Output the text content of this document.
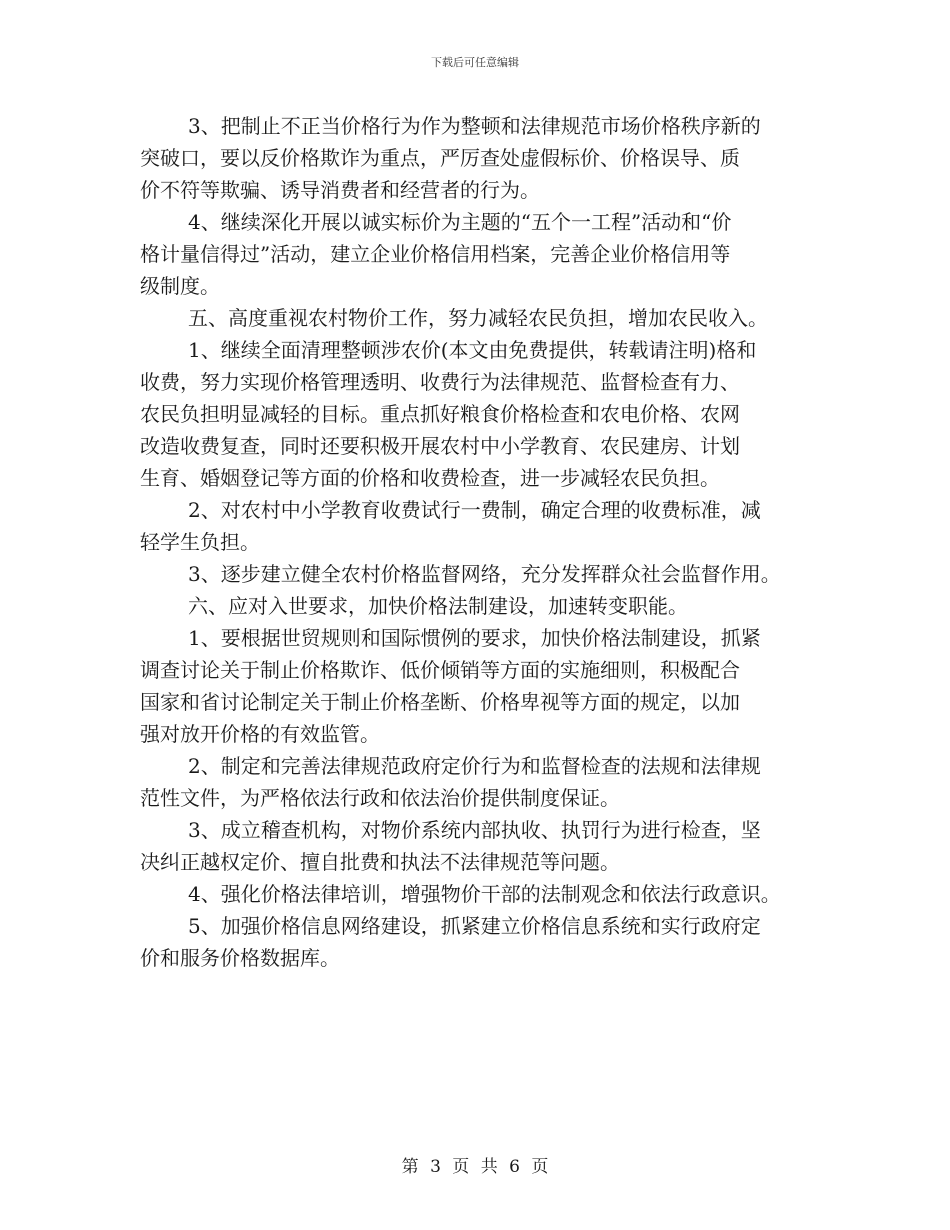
下载后可任意编辑
3、把制止不正当价格行为作为整顿和法律规范市场价格秩序新的
突破口，要以反价格欺诈为重点，严厉查处虚假标价、价格误导、质
价不符等欺骗、诱导消费者和经营者的行为。
4、继续深化开展以诚实标价为主题的“五个一工程”活动和“价
格计量信得过”活动，建立企业价格信用档案，完善企业价格信用等
级制度。
五、高度重视农村物价工作，努力减轻农民负担，增加农民收入。
1、继续全面清理整顿涉农价(本文由免费提供，转载请注明)格和
收费，努力实现价格管理透明、收费行为法律规范、监督检查有力、
农民负担明显减轻的目标。重点抓好粮食价格检查和农电价格、农网
改造收费复查，同时还要积极开展农村中小学教育、农民建房、计划
生育、婚姻登记等方面的价格和收费检查，进一步减轻农民负担。
2、对农村中小学教育收费试行一费制，确定合理的收费标准，减
轻学生负担。
3、逐步建立健全农村价格监督网络，充分发挥群众社会监督作用。
六、应对入世要求，加快价格法制建设，加速转变职能。
1、要根据世贸规则和国际惯例的要求，加快价格法制建设，抓紧
调查讨论关于制止价格欺诈、低价倾销等方面的实施细则，积极配合
国家和省讨论制定关于制止价格垄断、价格卑视等方面的规定，以加
强对放开价格的有效监管。
2、制定和完善法律规范政府定价行为和监督检查的法规和法律规
范性文件，为严格依法行政和依法治价提供制度保证。
3、成立稽查机构，对物价系统内部执收、执罚行为进行检查，坚
决纠正越权定价、擅自批费和执法不法律规范等问题。
4、强化价格法律培训，增强物价干部的法制观念和依法行政意识。
5、加强价格信息网络建设，抓紧建立价格信息系统和实行政府定
价和服务价格数据库。
第 3 页 共 6 页
